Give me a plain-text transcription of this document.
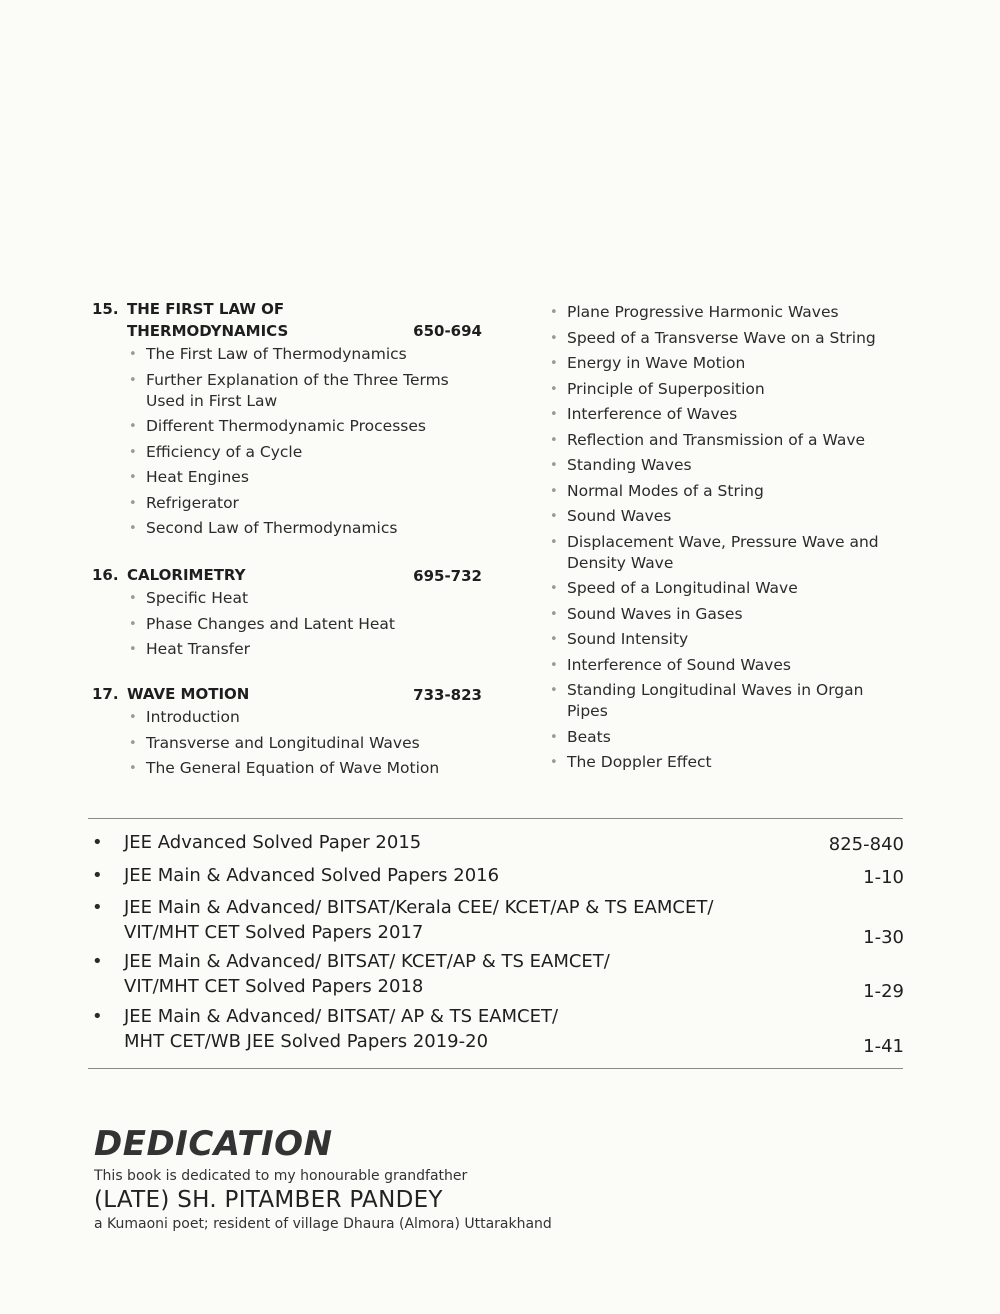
15. THE FIRST LAW OF
THERMODYNAMICS	650-694
• The First Law of Thermodynamics
• Further Explanation of the Three Terms Used in First Law
• Different Thermodynamic Processes
• Efficiency of a Cycle
• Heat Engines
• Refrigerator
• Second Law of Thermodynamics
16. CALORIMETRY	695-732
• Specific Heat
• Phase Changes and Latent Heat
• Heat Transfer
17. WAVE MOTION	733-823
• Introduction
• Transverse and Longitudinal Waves
• The General Equation of Wave Motion
• Plane Progressive Harmonic Waves
• Speed of a Transverse Wave on a String
• Energy in Wave Motion
• Principle of Superposition
• Interference of Waves
• Reflection and Transmission of a Wave
• Standing Waves
• Normal Modes of a String
• Sound Waves
• Displacement Wave, Pressure Wave and Density Wave
• Speed of a Longitudinal Wave
• Sound Waves in Gases
• Sound Intensity
• Interference of Sound Waves
• Standing Longitudinal Waves in Organ Pipes
• Beats
• The Doppler Effect
• JEE Advanced Solved Paper 2015	825-840
• JEE Main & Advanced Solved Papers 2016	1-10
• JEE Main & Advanced/ BITSAT/Kerala CEE/ KCET/AP & TS EAMCET/
VIT/MHT CET Solved Papers 2017	1-30
• JEE Main & Advanced/ BITSAT/ KCET/AP & TS EAMCET/
VIT/MHT CET Solved Papers 2018	1-29
• JEE Main & Advanced/ BITSAT/ AP & TS EAMCET/
MHT CET/WB JEE Solved Papers 2019-20	1-41
DEDICATION
This book is dedicated to my honourable grandfather
(LATE) SH. PITAMBER PANDEY
a Kumaoni poet; resident of village Dhaura (Almora) Uttarakhand
